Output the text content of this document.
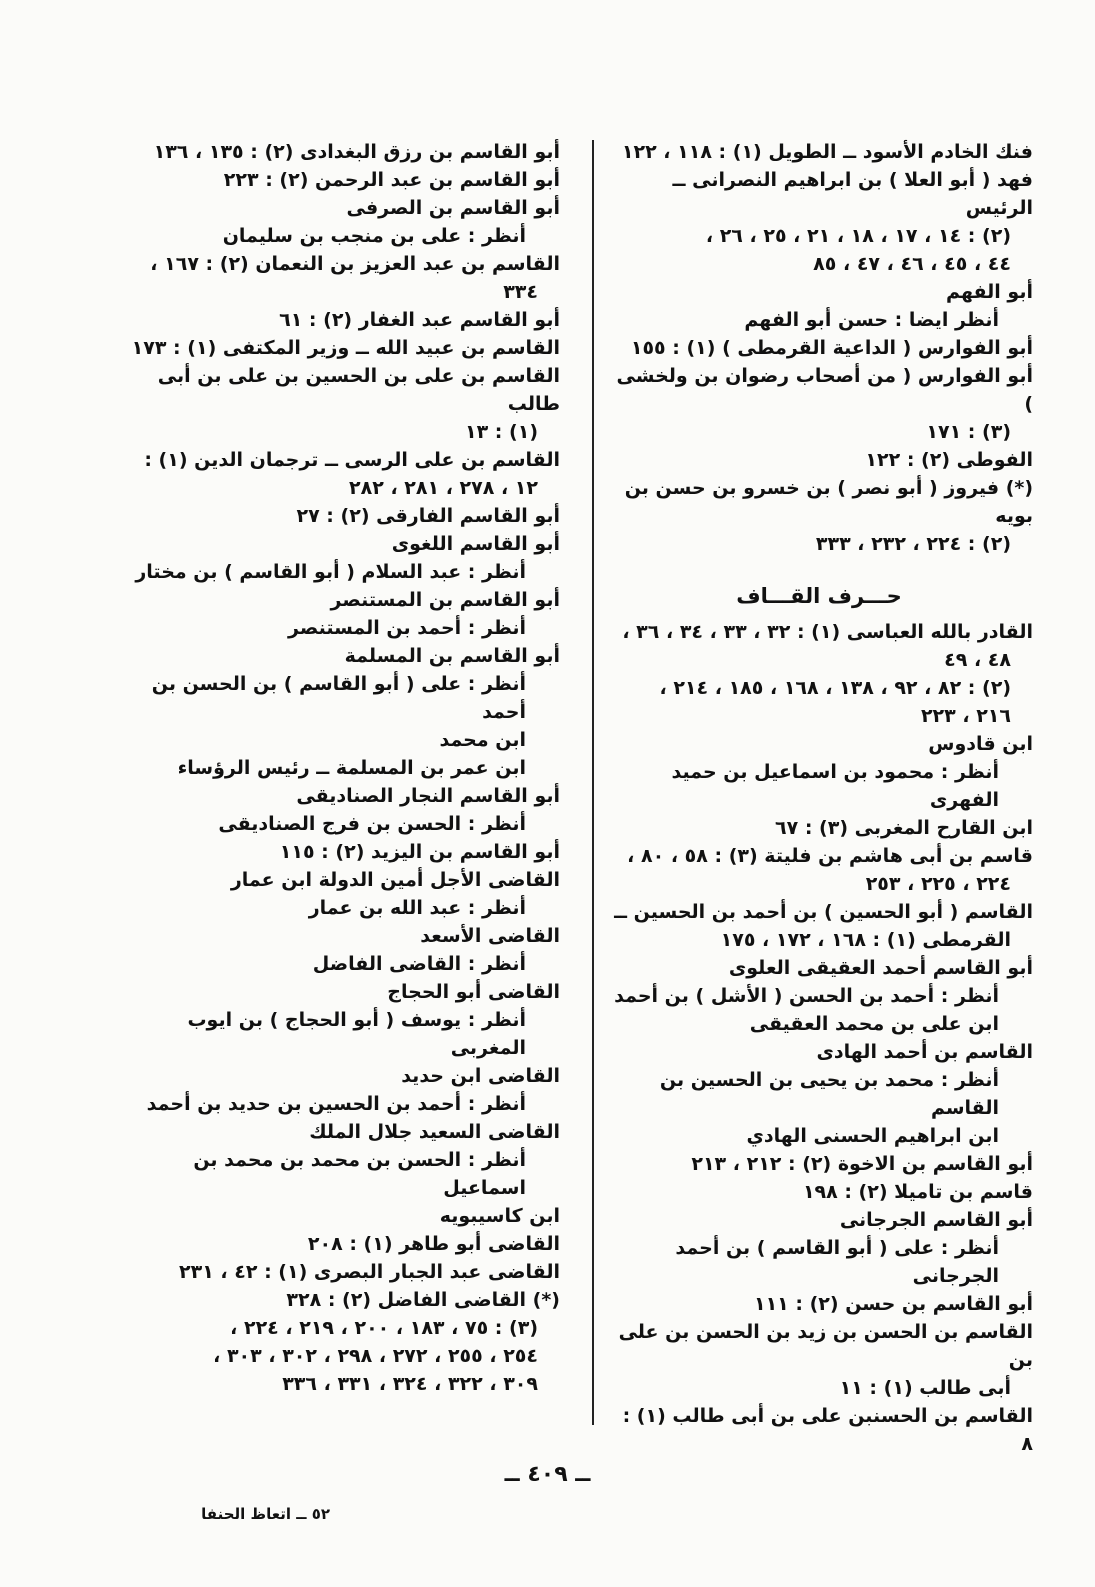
فنك الخادم الأسود ــ الطويل (١) : ١١٨ ، ١٢٢

فهد ( أبو العلا ) بن ابراهيم النصرانى ــ الرئيس

(٢) : ١٤ ، ١٧ ، ١٨ ، ٢١ ، ٢٥ ، ٢٦ ،

٤٤ ، ٤٥ ، ٤٦ ، ٤٧ ، ٨٥

أبو الفهم

أنظر ايضا : حسن أبو الفهم

أبو الفوارس ( الداعية القرمطى ) (١) : ١٥٥

أبو الفوارس ( من أصحاب رضوان بن ولخشى )

(٣) : ١٧١

الفوطى (٢) : ١٢٢

(*) فيروز ( أبو نصر ) بن خسرو بن حسن بن بويه

(٢) : ٢٢٤ ، ٢٣٢ ، ٣٣٣

حـــرف القـــاف

القادر بالله العباسى (١) : ٣٢ ، ٣٣ ، ٣٤ ، ٣٦ ،

٤٨ ، ٤٩

(٢) : ٨٢ ، ٩٢ ، ١٣٨ ، ١٦٨ ، ١٨٥ ، ٢١٤ ،

٢١٦ ، ٢٢٣

ابن قادوس

أنظر : محمود بن اسماعيل بن حميد الفهرى

ابن القارح المغربى (٣) : ٦٧

قاسم بن أبى هاشم بن فليتة (٣) : ٥٨ ، ٨٠ ،

٢٢٤ ، ٢٢٥ ، ٢٥٣

القاسم ( أبو الحسين ) بن أحمد بن الحسين ــ

القرمطى (١) : ١٦٨ ، ١٧٢ ، ١٧٥

أبو القاسم أحمد العقيقى العلوى

أنظر : أحمد بن الحسن ( الأشل ) بن أحمد

ابن على بن محمد العقيقى

القاسم بن أحمد الهادى

أنظر : محمد بن يحيى بن الحسين بن القاسم

ابن ابراهيم الحسنى الهادي

أبو القاسم بن الاخوة (٢) : ٢١٢ ، ٢١٣

قاسم بن تاميلا (٢) : ١٩٨

أبو القاسم الجرجانى

أنظر : على ( أبو القاسم ) بن أحمد الجرجانى

أبو القاسم بن حسن (٢) : ١١١

القاسم بن الحسن بن زيد بن الحسن بن على بن

أبى طالب (١) : ١١

القاسم بن الحسنبن على بن أبى طالب (١) : ٨

أبو القاسم بن رزق البغدادى (٢) : ١٣٥ ، ١٣٦

أبو القاسم بن عبد الرحمن (٢) : ٢٢٣

أبو القاسم بن الصرفى

أنظر : على بن منجب بن سليمان

القاسم بن عبد العزيز بن النعمان (٢) : ١٦٧ ،

٣٣٤

أبو القاسم عبد الغفار (٢) : ٦١

القاسم بن عبيد الله ــ وزير المكتفى (١) : ١٧٣

القاسم بن على بن الحسين بن على بن أبى طالب

(١) : ١٣

القاسم بن على الرسى ــ ترجمان الدين (١) :

١٢ ، ٢٧٨ ، ٢٨١ ، ٢٨٢

أبو القاسم الفارقى (٢) : ٢٧

أبو القاسم اللغوى

أنظر : عبد السلام ( أبو القاسم ) بن مختار

أبو القاسم بن المستنصر

أنظر : أحمد بن المستنصر

أبو القاسم بن المسلمة

أنظر : على ( أبو القاسم ) بن الحسن بن أحمد

ابن محمد

ابن عمر بن المسلمة ــ رئيس الرؤساء

أبو القاسم النجار الصناديقى

أنظر : الحسن بن فرج الصناديقى

أبو القاسم بن اليزيد (٢) : ١١٥

القاضى الأجل أمين الدولة ابن عمار

أنظر : عبد الله بن عمار

القاضى الأسعد

أنظر : القاضى الفاضل

القاضى أبو الحجاج

أنظر : يوسف ( أبو الحجاج ) بن ايوب المغربى

القاضى ابن حديد

أنظر : أحمد بن الحسين بن حديد بن أحمد

القاضى السعيد جلال الملك

أنظر : الحسن بن محمد بن محمد بن اسماعيل

ابن كاسيبويه

القاضى أبو طاهر (١) : ٢٠٨

القاضى عبد الجبار البصرى (١) : ٤٢ ، ٢٣١

(*) القاضى الفاضل (٢) : ٣٢٨

(٣) : ٧٥ ، ١٨٣ ، ٢٠٠ ، ٢١٩ ، ٢٢٤ ،

٢٥٤ ، ٢٥٥ ، ٢٧٢ ، ٢٩٨ ، ٣٠٢ ، ٣٠٣ ،

٣٠٩ ، ٣٢٢ ، ٣٢٤ ، ٣٣١ ، ٣٣٦

ــ ٤٠٩ ــ
٥٢ ــ اتعاظ الحنفا
